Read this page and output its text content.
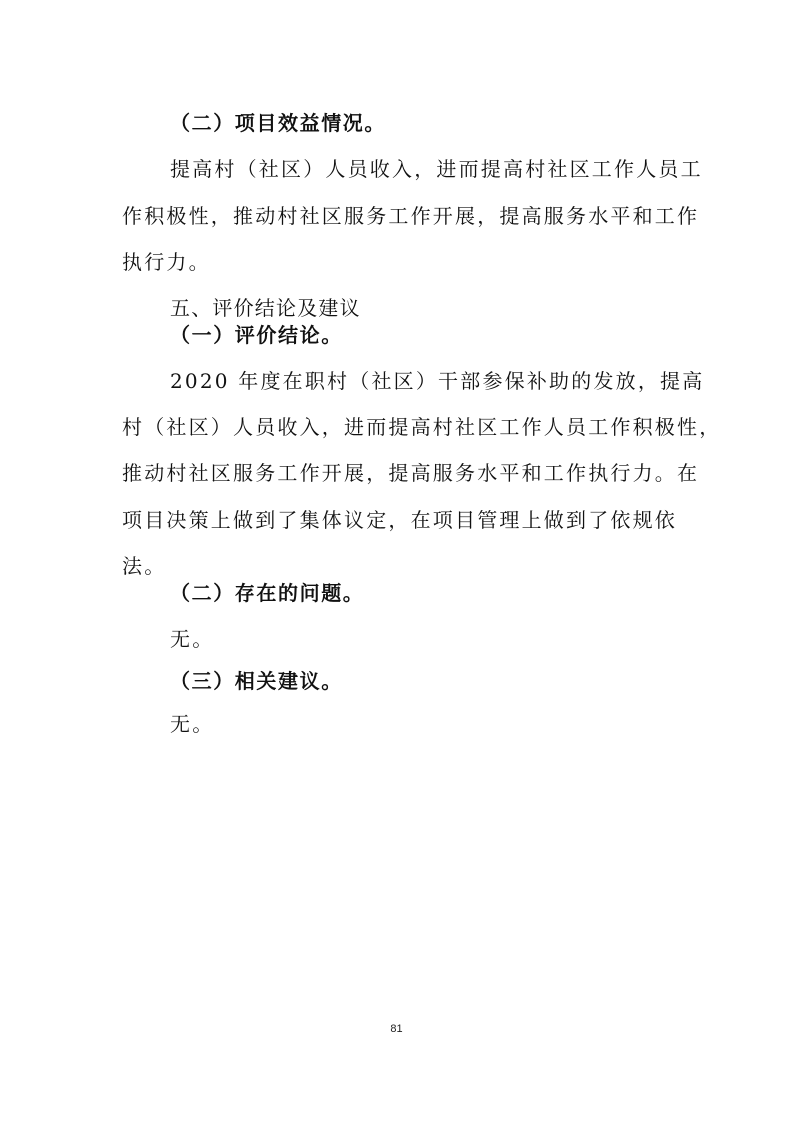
（二）项目效益情况。
提高村（社区）人员收入，进而提高村社区工作人员工
作积极性，推动村社区服务工作开展，提高服务水平和工作
执行力。
五、评价结论及建议
（一）评价结论。
2020 年度在职村（社区）干部参保补助的发放，提高
村（社区）人员收入，进而提高村社区工作人员工作积极性，
推动村社区服务工作开展，提高服务水平和工作执行力。在
项目决策上做到了集体议定，在项目管理上做到了依规依
法。
（二）存在的问题。
无。
（三）相关建议。
无。
81
